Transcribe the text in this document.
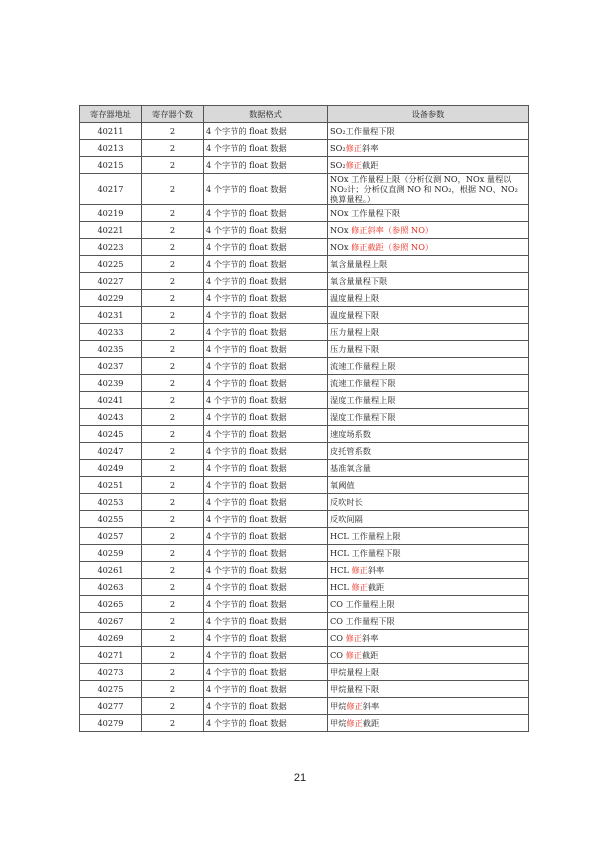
寄存器地址	寄存器个数	数据格式	设备参数
40211	2	4 个字节的 float 数据	SO₂工作量程下限
40213	2	4 个字节的 float 数据	SO₂修正斜率
40215	2	4 个字节的 float 数据	SO₂修正截距
40217	2	4 个字节的 float 数据	NOx 工作量程上限（分析仪测 NO，NOx 量程以 NO₂计；分析仪直测 NO 和 NO₂，根据 NO、NO₂换算量程。）
40219	2	4 个字节的 float 数据	NOx 工作量程下限
40221	2	4 个字节的 float 数据	NOx 修正斜率（参照 NO）
40223	2	4 个字节的 float 数据	NOx 修正截距（参照 NO）
40225	2	4 个字节的 float 数据	氧含量量程上限
40227	2	4 个字节的 float 数据	氧含量量程下限
40229	2	4 个字节的 float 数据	温度量程上限
40231	2	4 个字节的 float 数据	温度量程下限
40233	2	4 个字节的 float 数据	压力量程上限
40235	2	4 个字节的 float 数据	压力量程下限
40237	2	4 个字节的 float 数据	流速工作量程上限
40239	2	4 个字节的 float 数据	流速工作量程下限
40241	2	4 个字节的 float 数据	湿度工作量程上限
40243	2	4 个字节的 float 数据	湿度工作量程下限
40245	2	4 个字节的 float 数据	速度场系数
40247	2	4 个字节的 float 数据	皮托管系数
40249	2	4 个字节的 float 数据	基准氧含量
40251	2	4 个字节的 float 数据	氧阈值
40253	2	4 个字节的 float 数据	反吹时长
40255	2	4 个字节的 float 数据	反吹间隔
40257	2	4 个字节的 float 数据	HCL 工作量程上限
40259	2	4 个字节的 float 数据	HCL 工作量程下限
40261	2	4 个字节的 float 数据	HCL 修正斜率
40263	2	4 个字节的 float 数据	HCL 修正截距
40265	2	4 个字节的 float 数据	CO 工作量程上限
40267	2	4 个字节的 float 数据	CO 工作量程下限
40269	2	4 个字节的 float 数据	CO 修正斜率
40271	2	4 个字节的 float 数据	CO 修正截距
40273	2	4 个字节的 float 数据	甲烷量程上限
40275	2	4 个字节的 float 数据	甲烷量程下限
40277	2	4 个字节的 float 数据	甲烷修正斜率
40279	2	4 个字节的 float 数据	甲烷修正截距
21
